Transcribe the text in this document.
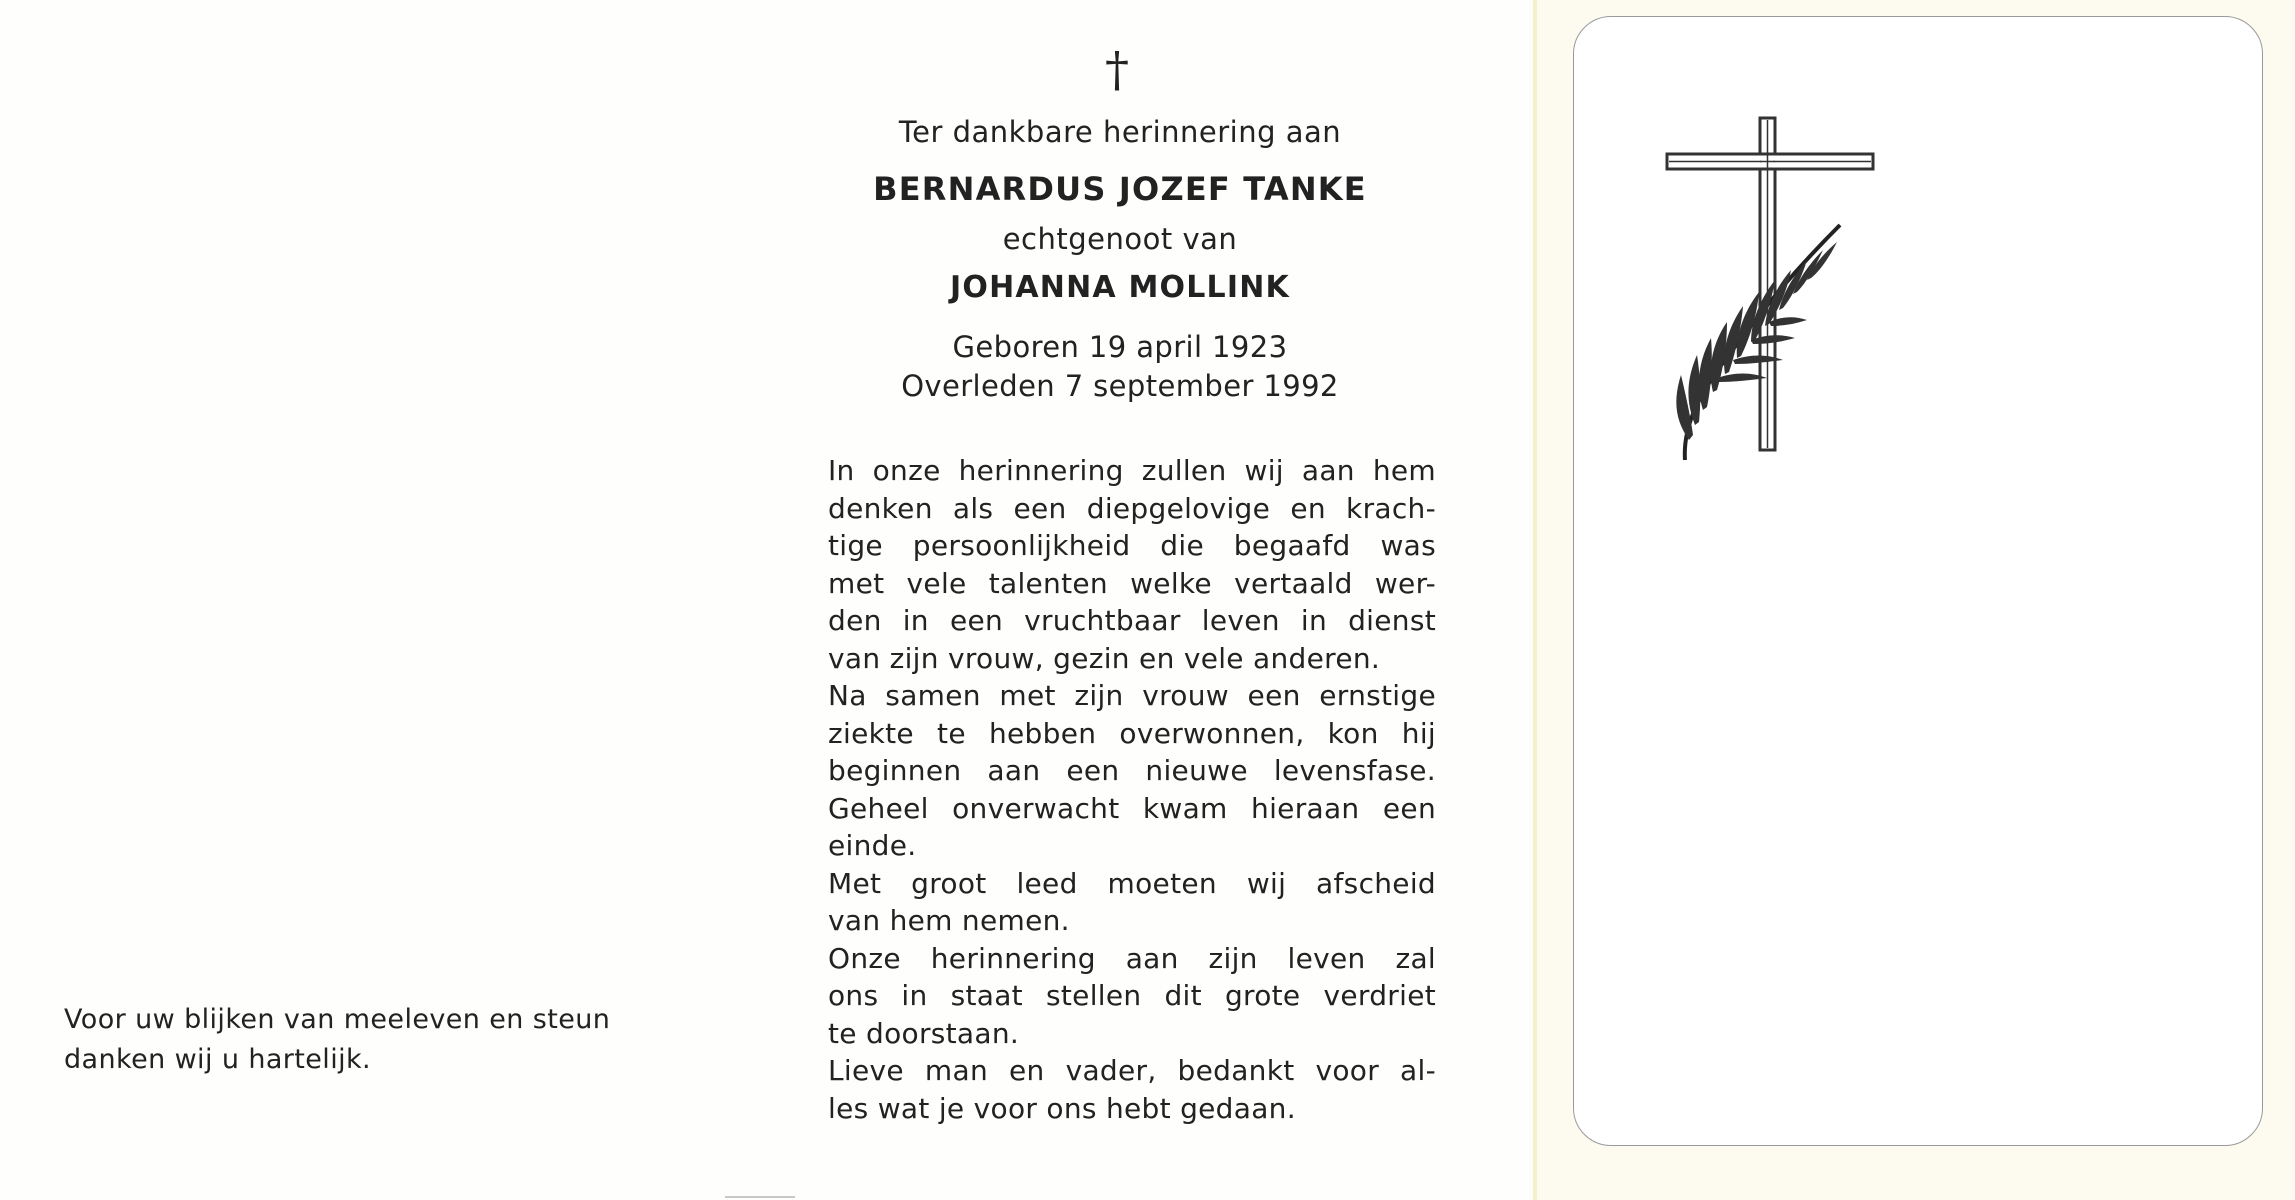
Voor uw blijken van meeleven en steun
danken wij u hartelijk.
†
Ter dankbare herinnering aan
BERNARDUS JOZEF TANKE
echtgenoot van
JOHANNA MOLLINK
Geboren 19 april 1923
Overleden 7 september 1992
In onze herinnering zullen wij aan hem
denken als een diepgelovige en krach-
tige persoonlijkheid die begaafd was
met vele talenten welke vertaald wer-
den in een vruchtbaar leven in dienst
van zijn vrouw, gezin en vele anderen.
Na samen met zijn vrouw een ernstige
ziekte te hebben overwonnen, kon hij
beginnen aan een nieuwe levensfase.
Geheel onverwacht kwam hieraan een
einde.
Met groot leed moeten wij afscheid
van hem nemen.
Onze herinnering aan zijn leven zal
ons in staat stellen dit grote verdriet
te doorstaan.
Lieve man en vader, bedankt voor al-
les wat je voor ons hebt gedaan.
